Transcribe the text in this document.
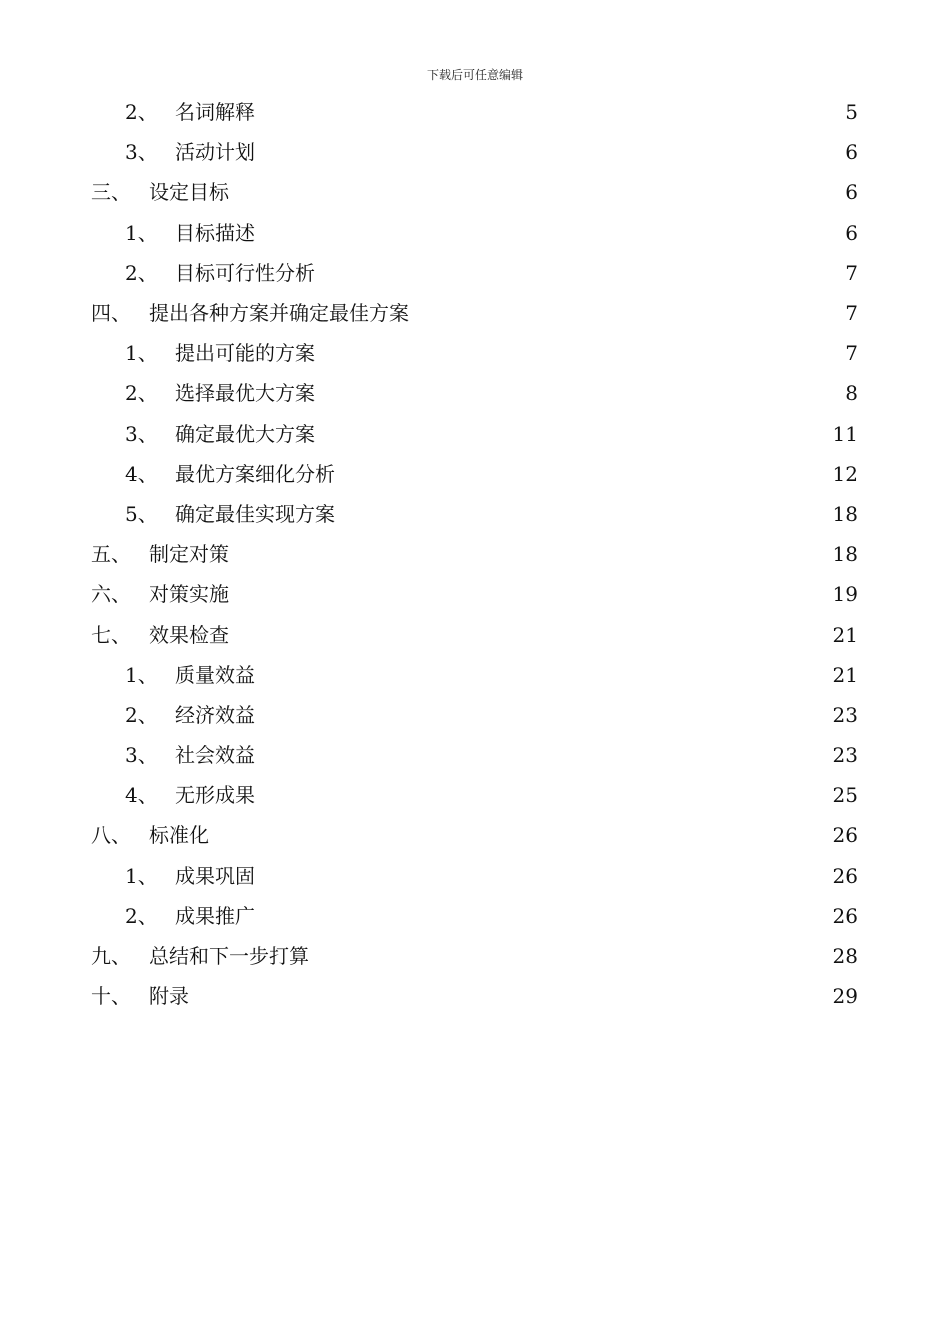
下载后可任意编辑
2、 名词解释	5
3、 活动计划	6
三、 设定目标	6
1、 目标描述	6
2、 目标可行性分析	7
四、 提出各种方案并确定最佳方案	7
1、 提出可能的方案	7
2、 选择最优大方案	8
3、 确定最优大方案	11
4、 最优方案细化分析	12
5、 确定最佳实现方案	18
五、 制定对策	18
六、 对策实施	19
七、 效果检查	21
1、 质量效益	21
2、 经济效益	23
3、 社会效益	23
4、 无形成果	25
八、 标准化	26
1、 成果巩固	26
2、 成果推广	26
九、 总结和下一步打算	28
十、 附录	29
